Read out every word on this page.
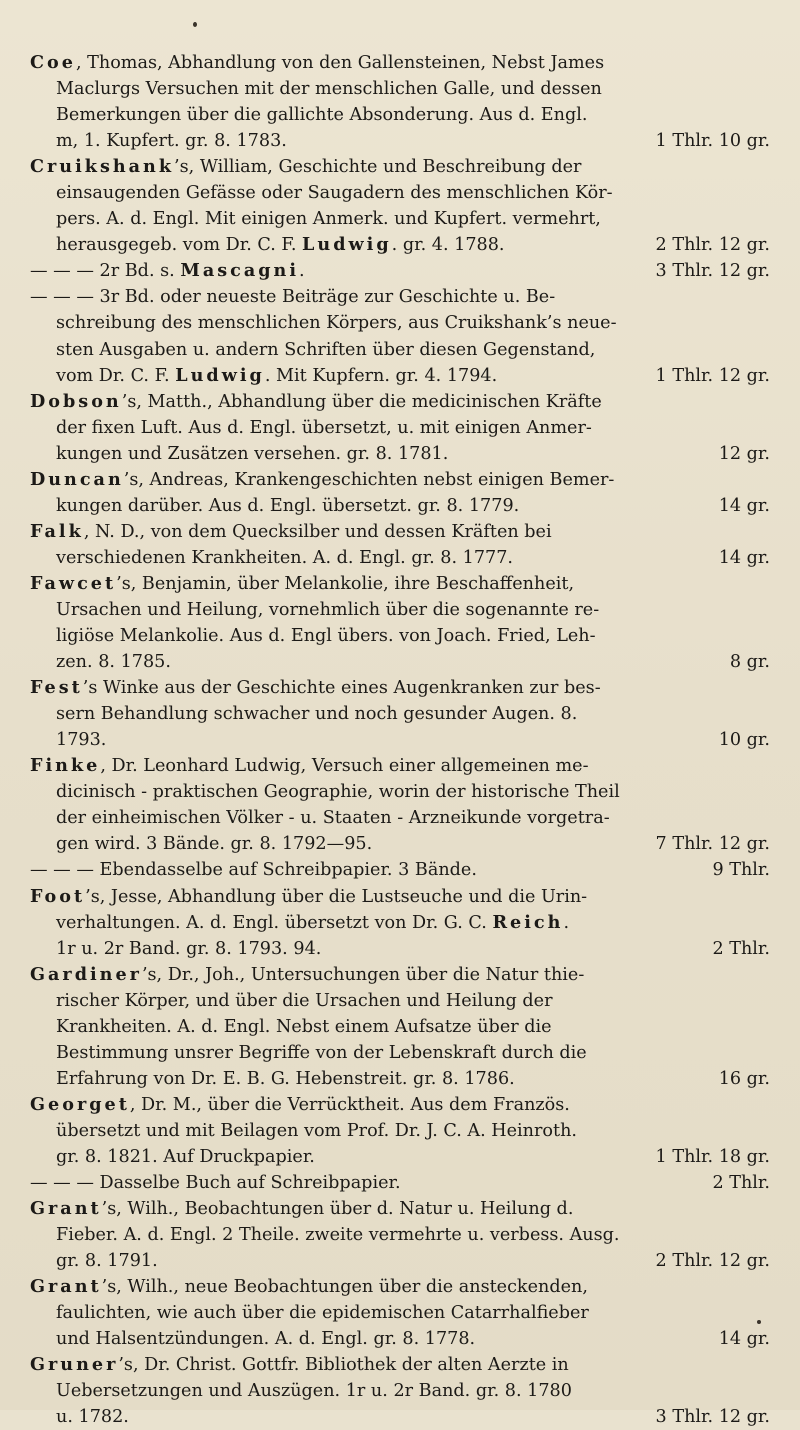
Coe, Thomas, Abhandlung von den Gallensteinen, Nebst James
Maclurgs Versuchen mit der menschlichen Galle, und dessen
Bemerkungen über die gallichte Absonderung. Aus d. Engl.
m, 1. Kupfert. gr. 8. 1783.	1 Thlr. 10 gr.
Cruikshank’s, William, Geschichte und Beschreibung der
einsaugenden Gefässe oder Saugadern des menschlichen Kör-
pers. A. d. Engl. Mit einigen Anmerk. und Kupfert. vermehrt,
herausgegeb. vom Dr. C. F. Ludwig. gr. 4. 1788.	2 Thlr. 12 gr.
— — — 2r Bd. s. Mascagni.	3 Thlr. 12 gr.
— — — 3r Bd. oder neueste Beiträge zur Geschichte u. Be-
schreibung des menschlichen Körpers, aus Cruikshank’s neue-
sten Ausgaben u. andern Schriften über diesen Gegenstand,
vom Dr. C. F. Ludwig. Mit Kupfern. gr. 4. 1794.	1 Thlr. 12 gr.
Dobson’s, Matth., Abhandlung über die medicinischen Kräfte
der fixen Luft. Aus d. Engl. übersetzt, u. mit einigen Anmer-
kungen und Zusätzen versehen. gr. 8. 1781.	12 gr.
Duncan’s, Andreas, Krankengeschichten nebst einigen Bemer-
kungen darüber. Aus d. Engl. übersetzt. gr. 8. 1779.	14 gr.
Falk, N. D., von dem Quecksilber und dessen Kräften bei
verschiedenen Krankheiten. A. d. Engl. gr. 8. 1777.	14 gr.
Fawcet’s, Benjamin, über Melankolie, ihre Beschaffenheit,
Ursachen und Heilung, vornehmlich über die sogenannte re-
ligiöse Melankolie. Aus d. Engl übers. von Joach. Fried, Leh-
zen. 8. 1785.	8 gr.
Fest’s Winke aus der Geschichte eines Augenkranken zur bes-
sern Behandlung schwacher und noch gesunder Augen. 8.
1793.	10 gr.
Finke, Dr. Leonhard Ludwig, Versuch einer allgemeinen me-
dicinisch - praktischen Geographie, worin der historische Theil
der einheimischen Völker - u. Staaten - Arzneikunde vorgetra-
gen wird. 3 Bände. gr. 8. 1792—95.	7 Thlr. 12 gr.
— — — Ebendasselbe auf Schreibpapier. 3 Bände.	9 Thlr.
Foot’s, Jesse, Abhandlung über die Lustseuche und die Urin-
verhaltungen. A. d. Engl. übersetzt von Dr. G. C. Reich.
1r u. 2r Band. gr. 8. 1793. 94.	2 Thlr.
Gardiner’s, Dr., Joh., Untersuchungen über die Natur thie-
rischer Körper, und über die Ursachen und Heilung der
Krankheiten. A. d. Engl. Nebst einem Aufsatze über die
Bestimmung unsrer Begriffe von der Lebenskraft durch die
Erfahrung von Dr. E. B. G. Hebenstreit. gr. 8. 1786.	16 gr.
Georget, Dr. M., über die Verrücktheit. Aus dem Französ.
übersetzt und mit Beilagen vom Prof. Dr. J. C. A. Heinroth.
gr. 8. 1821. Auf Druckpapier.	1 Thlr. 18 gr.
— — — Dasselbe Buch auf Schreibpapier.	2 Thlr.
Grant’s, Wilh., Beobachtungen über d. Natur u. Heilung d.
Fieber. A. d. Engl. 2 Theile. zweite vermehrte u. verbess. Ausg.
gr. 8. 1791.	2 Thlr. 12 gr.
Grant’s, Wilh., neue Beobachtungen über die ansteckenden,
faulichten, wie auch über die epidemischen Catarrhalfieber
und Halsentzündungen. A. d. Engl. gr. 8. 1778.	14 gr.
Gruner’s, Dr. Christ. Gottfr. Bibliothek der alten Aerzte in
Uebersetzungen und Auszügen. 1r u. 2r Band. gr. 8. 1780
u. 1782.	3 Thlr. 12 gr.
